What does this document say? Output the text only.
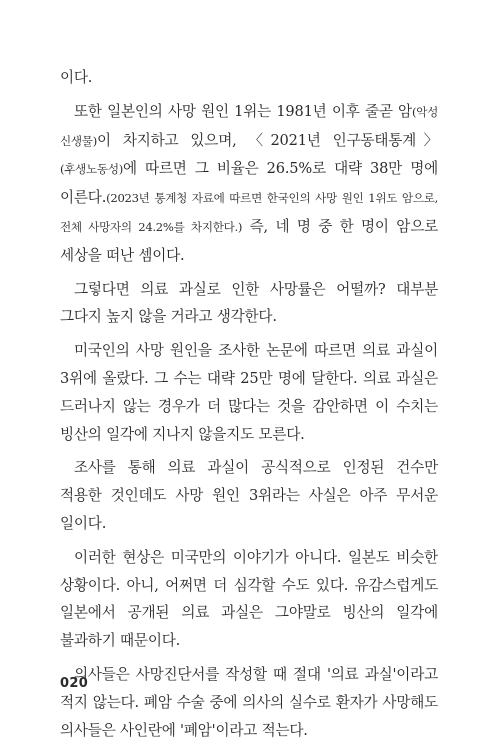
이다.

또한 일본인의 사망 원인 1위는 1981년 이후 줄곧 암(악성 신생물)이 차지하고 있으며, 〈2021년 인구동태통계〉(후생노동성)에 따르면 그 비율은 26.5%로 대략 38만 명에 이른다.(2023년 통계청 자료에 따르면 한국인의 사망 원인 1위도 암으로, 전체 사망자의 24.2%를 차지한다.) 즉, 네 명 중 한 명이 암으로 세상을 떠난 셈이다.

그렇다면 의료 과실로 인한 사망률은 어떨까? 대부분 그다지 높지 않을 거라고 생각한다.

미국인의 사망 원인을 조사한 논문에 따르면 의료 과실이 3위에 올랐다. 그 수는 대략 25만 명에 달한다. 의료 과실은 드러나지 않는 경우가 더 많다는 것을 감안하면 이 수치는 빙산의 일각에 지나지 않을지도 모른다.

조사를 통해 의료 과실이 공식적으로 인정된 건수만 적용한 것인데도 사망 원인 3위라는 사실은 아주 무서운 일이다.

이러한 현상은 미국만의 이야기가 아니다. 일본도 비슷한 상황이다. 아니, 어쩌면 더 심각할 수도 있다. 유감스럽게도 일본에서 공개된 의료 과실은 그야말로 빙산의 일각에 불과하기 때문이다.

의사들은 사망진단서를 작성할 때 절대 '의료 과실'이라고 적지 않는다. 폐암 수술 중에 의사의 실수로 환자가 사망해도 의사들은 사인란에 '폐암'이라고 적는다.

020
